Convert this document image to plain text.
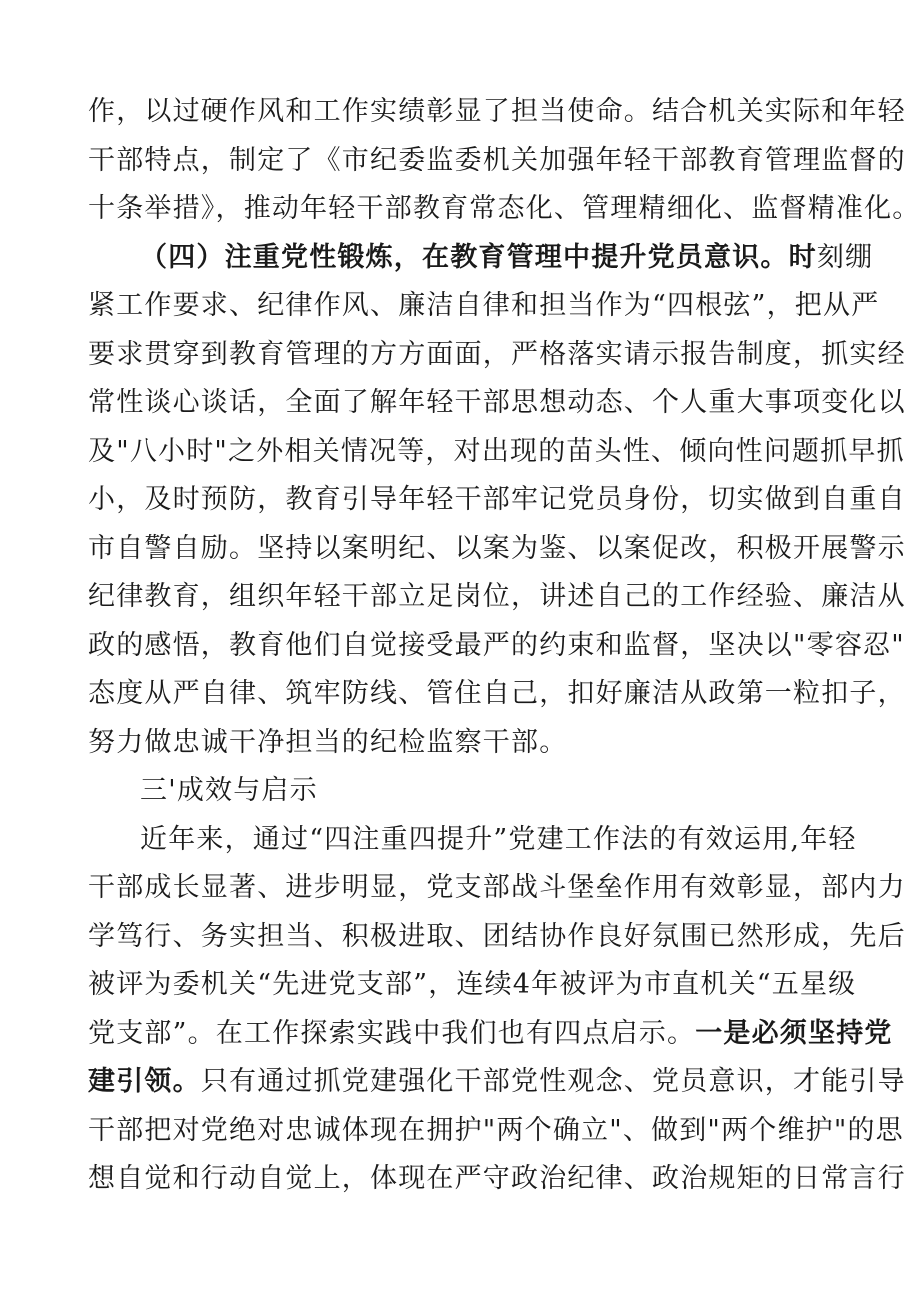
作，以过硬作风和工作实绩彰显了担当使命。结合机关实际和年轻
干部特点，制定了《市纪委监委机关加强年轻干部教育管理监督的
十条举措》，推动年轻干部教育常态化、管理精细化、监督精准化。
（四）注重党性锻炼，在教育管理中提升党员意识。时刻绷
紧工作要求、纪律作风、廉洁自律和担当作为“四根弦”，把从严
要求贯穿到教育管理的方方面面，严格落实请示报告制度，抓实经
常性谈心谈话，全面了解年轻干部思想动态、个人重大事项变化以
及"八小时"之外相关情况等，对出现的苗头性、倾向性问题抓早抓
小，及时预防，教育引导年轻干部牢记党员身份，切实做到自重自
市自警自励。坚持以案明纪、以案为鉴、以案促改，积极开展警示
纪律教育，组织年轻干部立足岗位，讲述自己的工作经验、廉洁从
政的感悟，教育他们自觉接受最严的约束和监督，坚决以"零容忍"
态度从严自律、筑牢防线、管住自己，扣好廉洁从政第一粒扣子，
努力做忠诚干净担当的纪检监察干部。
三'成效与启示
近年来，通过“四注重四提升”党建工作法的有效运用,年轻
干部成长显著、进步明显，党支部战斗堡垒作用有效彰显，部内力
学笃行、务实担当、积极进取、团结协作良好氛围已然形成，先后
被评为委机关“先进党支部”，连续4年被评为市直机关“五星级
党支部”。在工作探索实践中我们也有四点启示。一是必须坚持党
建引领。只有通过抓党建强化干部党性观念、党员意识，才能引导
干部把对党绝对忠诚体现在拥护"两个确立"、做到"两个维护"的思
想自觉和行动自觉上，体现在严守政治纪律、政治规矩的日常言行
